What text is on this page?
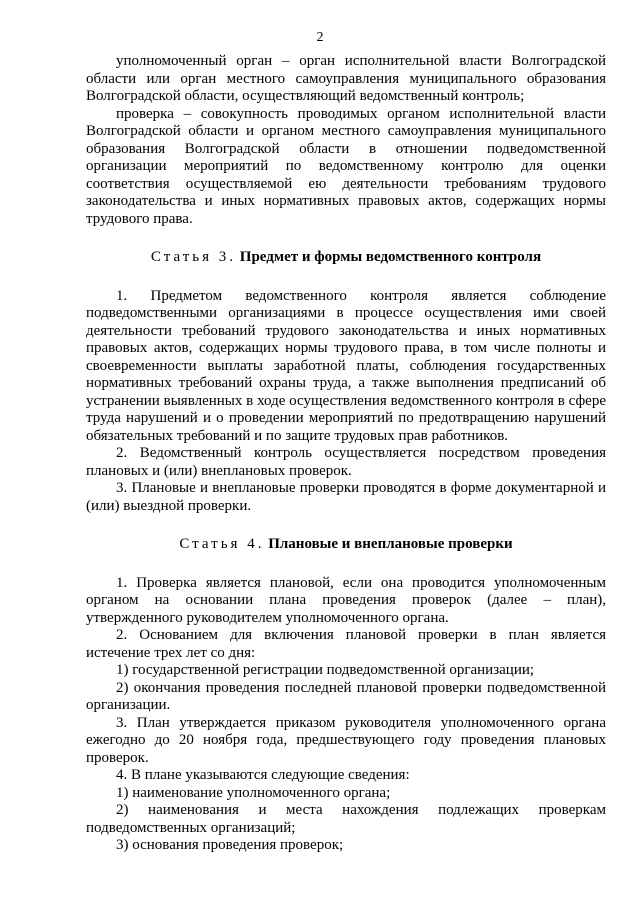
2

уполномоченный орган – орган исполнительной власти Волгоградской области или орган местного самоуправления муниципального образования Волгоградской области, осуществляющий ведомственный контроль;

проверка – совокупность проводимых органом исполнительной власти Волгоградской области и органом местного самоуправления муниципального образования Волгоградской области в отношении подведомственной организации мероприятий по ведомственному контролю для оценки соответствия осуществляемой ею деятельности требованиям трудового законодательства и иных нормативных правовых актов, содержащих нормы трудового права.

Статья 3. Предмет и формы ведомственного контроля

1. Предметом ведомственного контроля является соблюдение подведомственными организациями в процессе осуществления ими своей деятельности требований трудового законодательства и иных нормативных правовых актов, содержащих нормы трудового права, в том числе полноты и своевременности выплаты заработной платы, соблюдения государственных нормативных требований охраны труда, а также выполнения предписаний об устранении выявленных в ходе осуществления ведомственного контроля в сфере труда нарушений и о проведении мероприятий по предотвращению нарушений обязательных требований и по защите трудовых прав работников.

2. Ведомственный контроль осуществляется посредством проведения плановых и (или) внеплановых проверок.

3. Плановые и внеплановые проверки проводятся в форме документарной и (или) выездной проверки.

Статья 4. Плановые и внеплановые проверки

1. Проверка является плановой, если она проводится уполномоченным органом на основании плана проведения проверок (далее – план), утвержденного руководителем уполномоченного органа.

2. Основанием для включения плановой проверки в план является истечение трех лет со дня:

1) государственной регистрации подведомственной организации;

2) окончания проведения последней плановой проверки подведомственной организации.

3. План утверждается приказом руководителя уполномоченного органа ежегодно до 20 ноября года, предшествующего году проведения плановых проверок.

4. В плане указываются следующие сведения:

1) наименование уполномоченного органа;

2) наименования и места нахождения подлежащих проверкам подведомственных организаций;

3) основания проведения проверок;
